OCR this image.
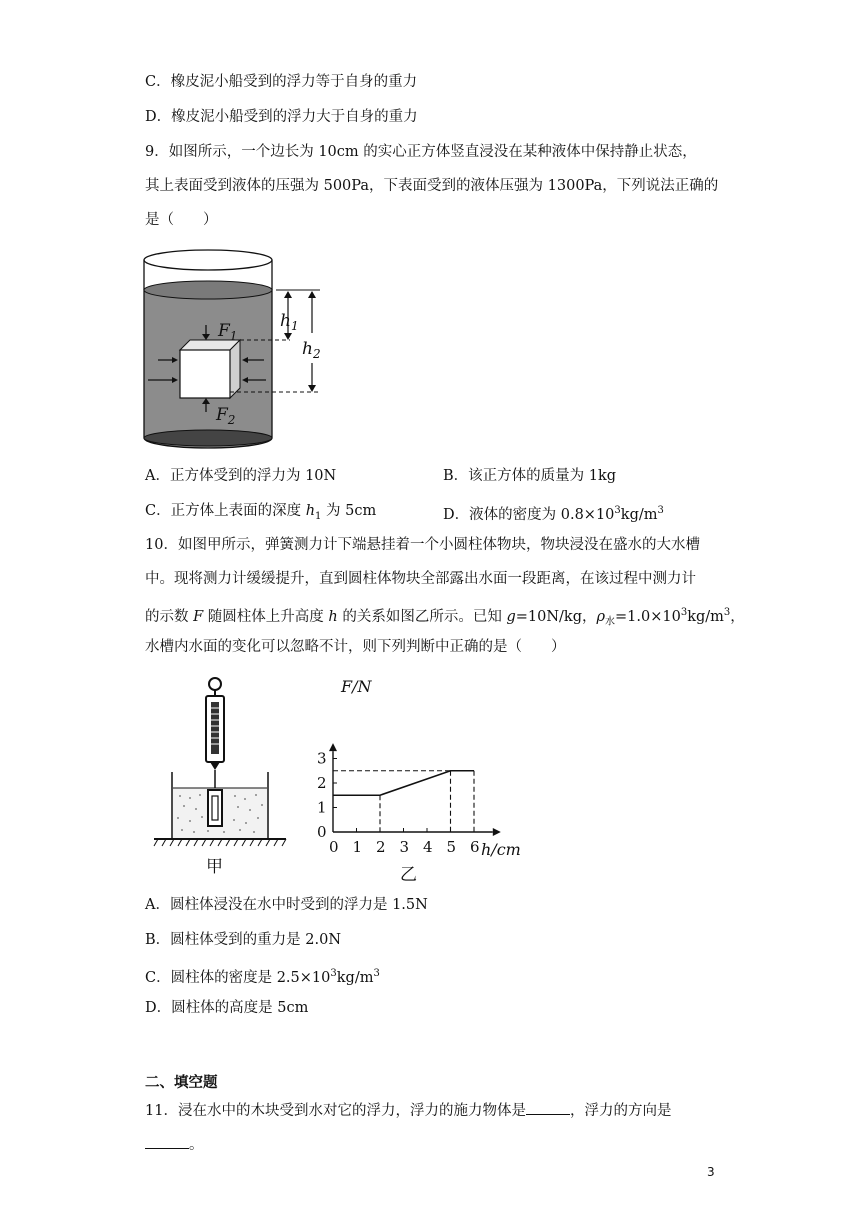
C．橡皮泥小船受到的浮力等于自身的重力
D．橡皮泥小船受到的浮力大于自身的重力
9．如图所示，一个边长为 10cm 的实心正方体竖直浸没在某种液体中保持静止状态，
其上表面受到液体的压强为 500Pa，下表面受到的液体压强为 1300Pa，下列说法正确的
是（　　）
$F_1$
$F_2$
$h_1$
$h_2$
A．正方体受到的浮力为 10N	B．该正方体的质量为 1kg
C．正方体上表面的深度 $h_1$ 为 5cm	D．液体的密度为 $0.8\times 10^3kg/m^3$
10．如图甲所示，弹簧测力计下端悬挂着一个小圆柱体物块，物块浸没在盛水的大水槽
中。现将测力计缓缓提升，直到圆柱体物块全部露出水面一段距离，在该过程中测力计
的示数 F 随圆柱体上升高度 h 的关系如图乙所示。已知 g=10N/kg，$\rho_水=1.0\times 10^3kg/m^3$，
水槽内水面的变化可以忽略不计，则下列判断中正确的是（　　）
甲
0 1 2 3 4 5 6
0
1
2
3
F/N
h/cm
乙
A．圆柱体浸没在水中时受到的浮力是 1.5N
B．圆柱体受到的重力是 2.0N
C．圆柱体的密度是 $2.5\times 10^3kg/m^3$
D．圆柱体的高度是 5cm
二、填空题
11．浸在水中的木块受到水对它的浮力，浮力的施力物体是	，浮力的方向是
。
3
